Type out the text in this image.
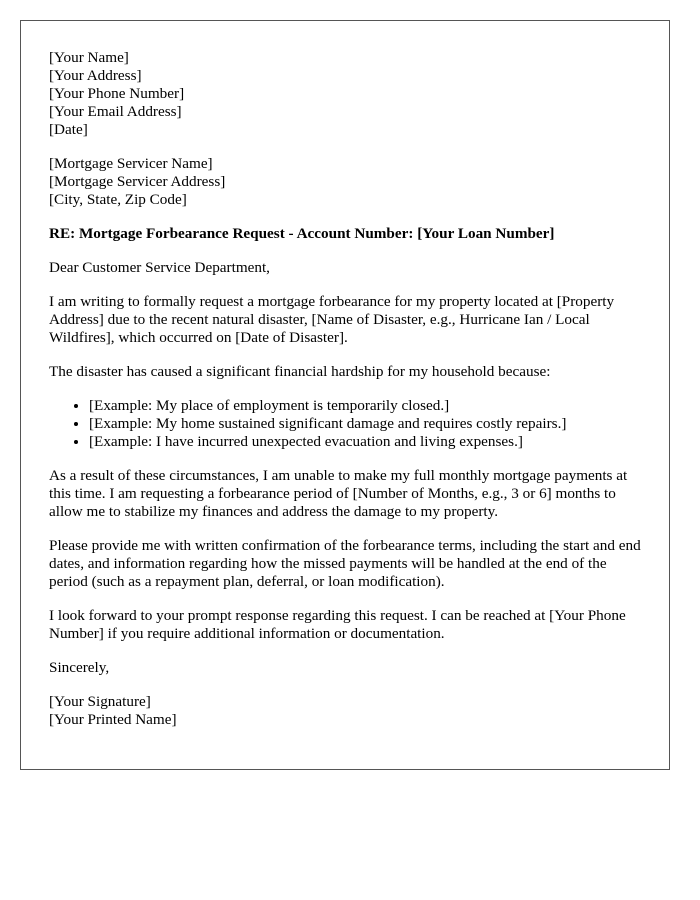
[Your Name]

[Your Address]

[Your Phone Number]

[Your Email Address]

[Date]

[Mortgage Servicer Name]

[Mortgage Servicer Address]

[City, State, Zip Code]

RE: Mortgage Forbearance Request - Account Number: [Your Loan Number]

Dear Customer Service Department,

I am writing to formally request a mortgage forbearance for my property located at [Property Address] due to the recent natural disaster, [Name of Disaster, e.g., Hurricane Ian / Local Wildfires], which occurred on [Date of Disaster].

The disaster has caused a significant financial hardship for my household because:

• [Example: My place of employment is temporarily closed.]
• [Example: My home sustained significant damage and requires costly repairs.]
• [Example: I have incurred unexpected evacuation and living expenses.]

As a result of these circumstances, I am unable to make my full monthly mortgage payments at this time. I am requesting a forbearance period of [Number of Months, e.g., 3 or 6] months to allow me to stabilize my finances and address the damage to my property.

Please provide me with written confirmation of the forbearance terms, including the start and end dates, and information regarding how the missed payments will be handled at the end of the period (such as a repayment plan, deferral, or loan modification).

I look forward to your prompt response regarding this request. I can be reached at [Your Phone Number] if you require additional information or documentation.

Sincerely,

[Your Signature]

[Your Printed Name]
